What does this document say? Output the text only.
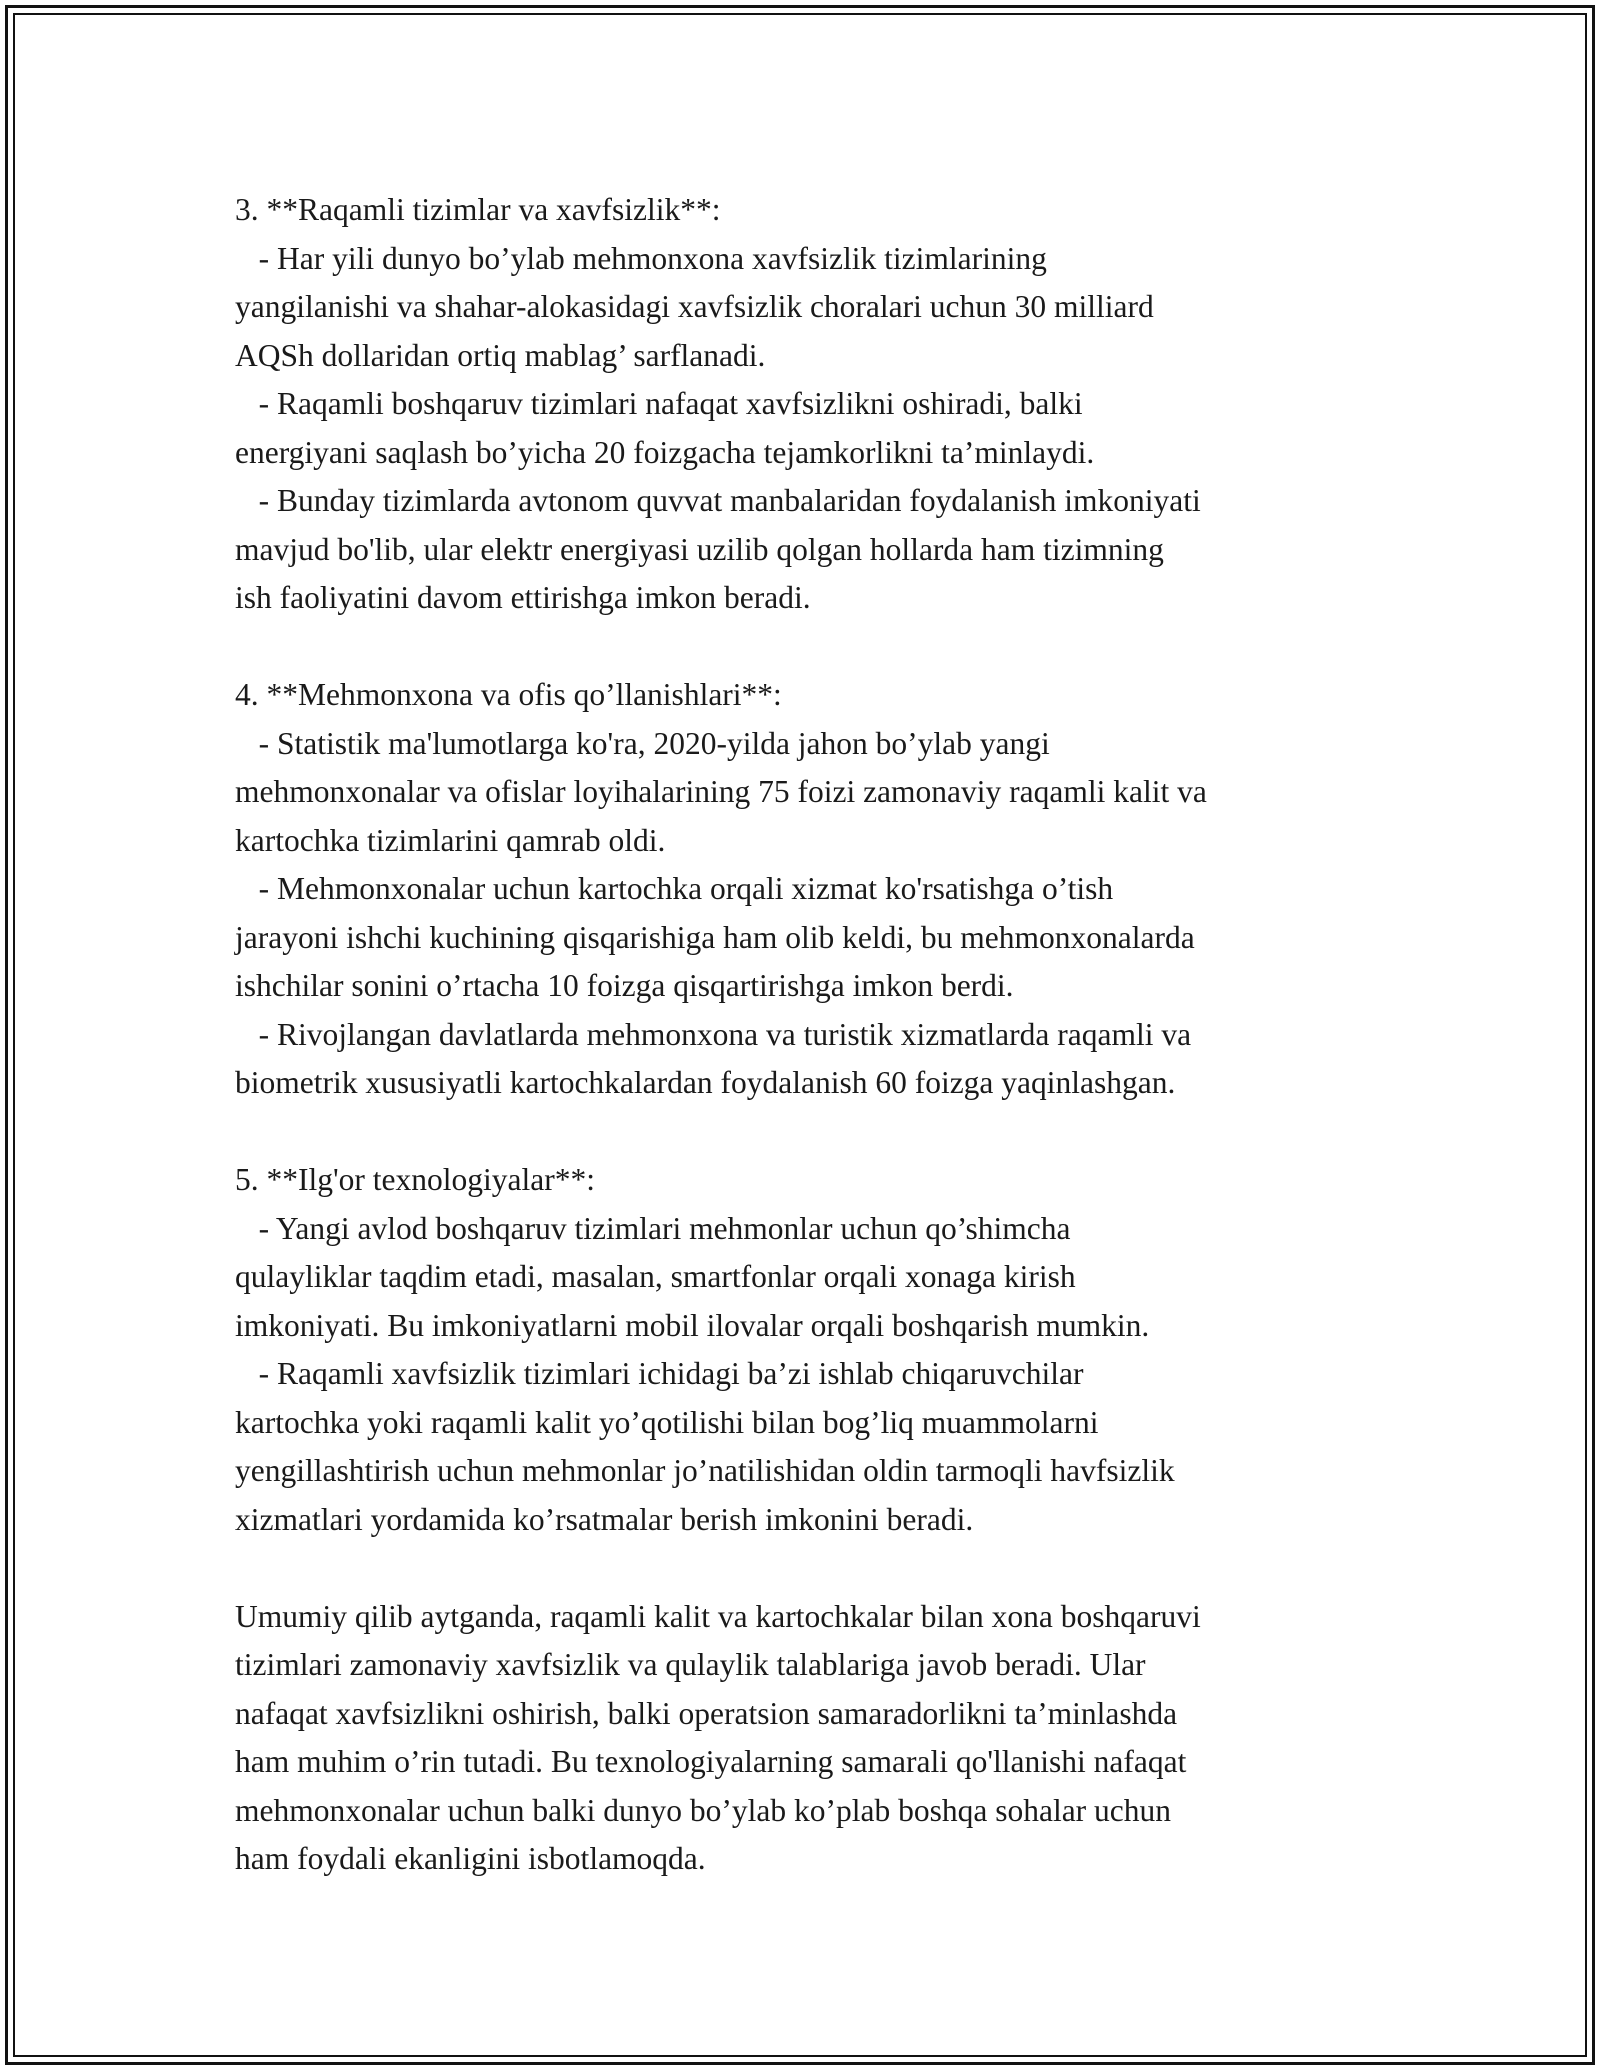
3. **Raqamli tizimlar va xavfsizlik**:
- Har yili dunyo bo’ylab mehmonxona xavfsizlik tizimlarining
yangilanishi va shahar-alokasidagi xavfsizlik choralari uchun 30 milliard
AQSh dollaridan ortiq mablag’ sarflanadi.
- Raqamli boshqaruv tizimlari nafaqat xavfsizlikni oshiradi, balki
energiyani saqlash bo’yicha 20 foizgacha tejamkorlikni ta’minlaydi.
- Bunday tizimlarda avtonom quvvat manbalaridan foydalanish imkoniyati
mavjud bo'lib, ular elektr energiyasi uzilib qolgan hollarda ham tizimning
ish faoliyatini davom ettirishga imkon beradi.
4. **Mehmonxona va ofis qo’llanishlari**:
- Statistik ma'lumotlarga ko'ra, 2020-yilda jahon bo’ylab yangi
mehmonxonalar va ofislar loyihalarining 75 foizi zamonaviy raqamli kalit va
kartochka tizimlarini qamrab oldi.
- Mehmonxonalar uchun kartochka orqali xizmat ko'rsatishga o’tish
jarayoni ishchi kuchining qisqarishiga ham olib keldi, bu mehmonxonalarda
ishchilar sonini o’rtacha 10 foizga qisqartirishga imkon berdi.
- Rivojlangan davlatlarda mehmonxona va turistik xizmatlarda raqamli va
biometrik xususiyatli kartochkalardan foydalanish 60 foizga yaqinlashgan.
5. **Ilg'or texnologiyalar**:
- Yangi avlod boshqaruv tizimlari mehmonlar uchun qo’shimcha
qulayliklar taqdim etadi, masalan, smartfonlar orqali xonaga kirish
imkoniyati. Bu imkoniyatlarni mobil ilovalar orqali boshqarish mumkin.
- Raqamli xavfsizlik tizimlari ichidagi ba’zi ishlab chiqaruvchilar
kartochka yoki raqamli kalit yo’qotilishi bilan bog’liq muammolarni
yengillashtirish uchun mehmonlar jo’natilishidan oldin tarmoqli havfsizlik
xizmatlari yordamida ko’rsatmalar berish imkonini beradi.
Umumiy qilib aytganda, raqamli kalit va kartochkalar bilan xona boshqaruvi
tizimlari zamonaviy xavfsizlik va qulaylik talablariga javob beradi. Ular
nafaqat xavfsizlikni oshirish, balki operatsion samaradorlikni ta’minlashda
ham muhim o’rin tutadi. Bu texnologiyalarning samarali qo'llanishi nafaqat
mehmonxonalar uchun balki dunyo bo’ylab ko’plab boshqa sohalar uchun
ham foydali ekanligini isbotlamoqda.
